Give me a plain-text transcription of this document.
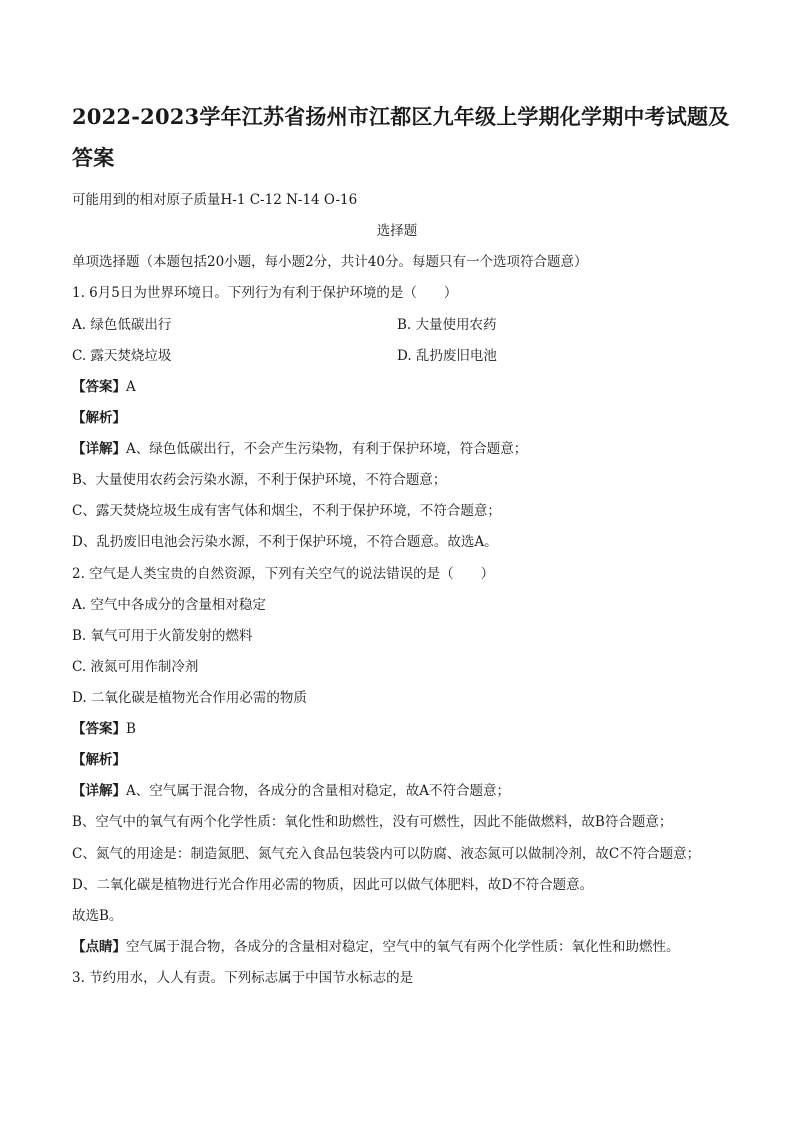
2022-2023学年江苏省扬州市江都区九年级上学期化学期中考试题及答案
可能用到的相对原子质量H-1 C-12 N-14 O-16
选择题
单项选择题（本题包括20小题，每小题2分，共计40分。每题只有一个选项符合题意）
1. 6月5日为世界环境日。下列行为有利于保护环境的是（　　）
A. 绿色低碳出行	B. 大量使用农药
C. 露天焚烧垃圾	D. 乱扔废旧电池
【答案】A
【解析】
【详解】A、绿色低碳出行，不会产生污染物，有利于保护环境，符合题意；
B、大量使用农药会污染水源，不利于保护环境，不符合题意；
C、露天焚烧垃圾生成有害气体和烟尘，不利于保护环境，不符合题意；
D、乱扔废旧电池会污染水源，不利于保护环境，不符合题意。故选A。
2. 空气是人类宝贵的自然资源，下列有关空气的说法错误的是（　　）
A. 空气中各成分的含量相对稳定
B. 氧气可用于火箭发射的燃料
C. 液氮可用作制冷剂
D. 二氧化碳是植物光合作用必需的物质
【答案】B
【解析】
【详解】A、空气属于混合物，各成分的含量相对稳定，故A不符合题意；
B、空气中的氧气有两个化学性质：氧化性和助燃性，没有可燃性，因此不能做燃料，故B符合题意；
C、氮气的用途是：制造氮肥、氮气充入食品包装袋内可以防腐、液态氮可以做制冷剂，故C不符合题意；
D、二氧化碳是植物进行光合作用必需的物质，因此可以做气体肥料，故D不符合题意。
故选B。
【点睛】空气属于混合物，各成分的含量相对稳定，空气中的氧气有两个化学性质：氧化性和助燃性。
3. 节约用水，人人有责。下列标志属于中国节水标志的是
